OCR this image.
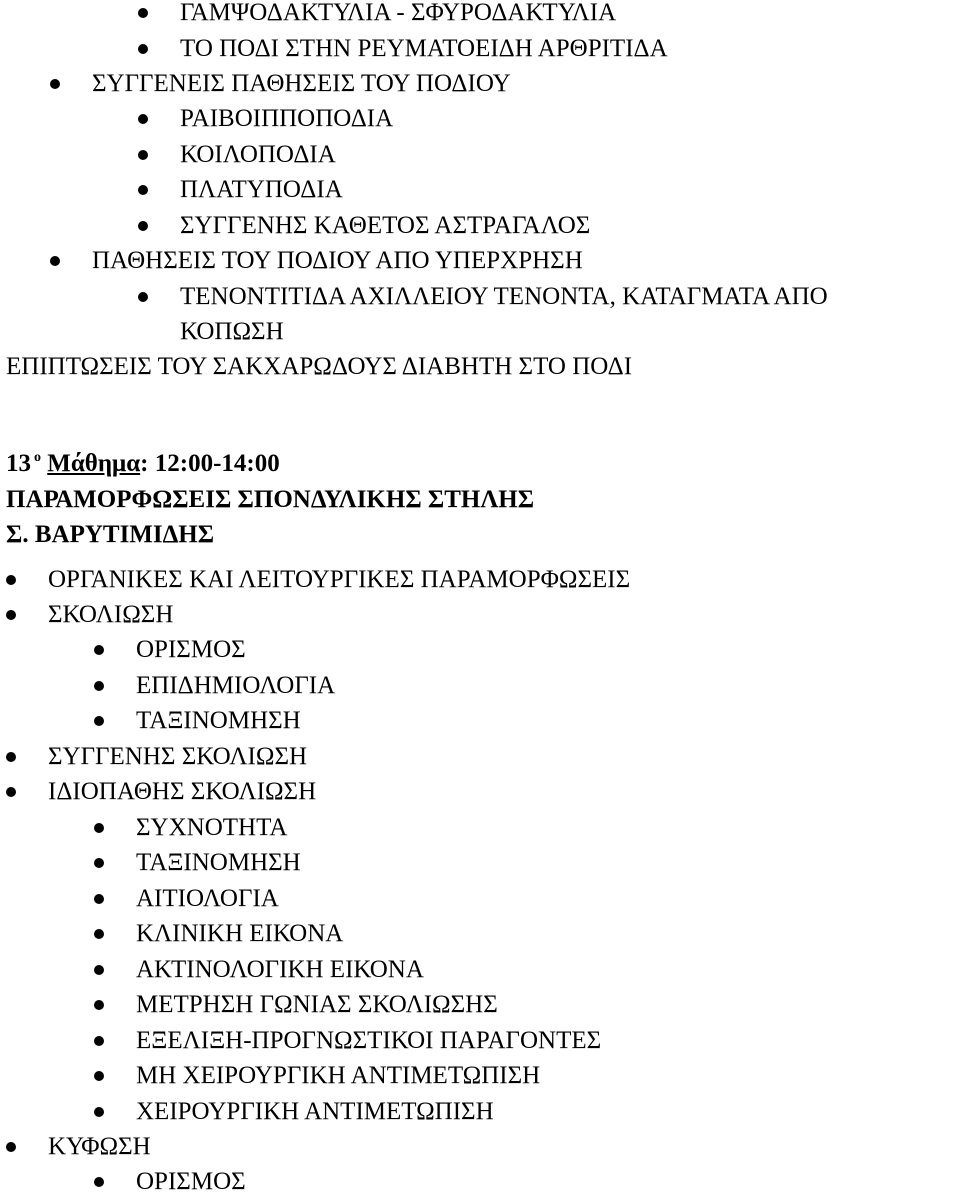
ΓΑΜΨΟΔΑΚΤΥΛΙΑ - ΣΦΥΡΟΔΑΚΤΥΛΙΑ
ΤΟ ΠΟΔΙ ΣΤΗΝ ΡΕΥΜΑΤΟΕΙΔΗ ΑΡΘΡΙΤΙΔΑ
ΣΥΓΓΕΝΕΙΣ ΠΑΘΗΣΕΙΣ ΤΟΥ ΠΟΔΙΟΥ
ΡΑΙΒΟΙΠΠΟΠΟΔΙΑ
ΚΟΙΛΟΠΟΔΙΑ
ΠΛΑΤΥΠΟΔΙΑ
ΣΥΓΓΕΝΗΣ ΚΑΘΕΤΟΣ ΑΣΤΡΑΓΑΛΟΣ
ΠΑΘΗΣΕΙΣ ΤΟΥ ΠΟΔΙΟΥ ΑΠΟ ΥΠΕΡΧΡΗΣΗ
ΤΕΝΟΝΤΙΤΙΔΑ ΑΧΙΛΛΕΙΟΥ ΤΕΝΟΝΤΑ, ΚΑΤΑΓΜΑΤΑ ΑΠΟ
ΚΟΠΩΣΗ
ΕΠΙΠΤΩΣΕΙΣ ΤΟΥ ΣΑΚΧΑΡΩΔΟΥΣ ΔΙΑΒΗΤΗ ΣΤΟ ΠΟΔΙ
13 $^o$ Μάθημα: 12:00-14:00
ΠΑΡΑΜΟΡΦΩΣΕΙΣ ΣΠΟΝΔΥΛΙΚΗΣ ΣΤΗΛΗΣ
Σ. ΒΑΡΥΤΙΜΙΔΗΣ
ΟΡΓΑΝΙΚΕΣ ΚΑΙ ΛΕΙΤΟΥΡΓΙΚΕΣ ΠΑΡΑΜΟΡΦΩΣΕΙΣ
ΣΚΟΛΙΩΣΗ
ΟΡΙΣΜΟΣ
ΕΠΙΔΗΜΙΟΛΟΓΙΑ
ΤΑΞΙΝΟΜΗΣΗ
ΣΥΓΓΕΝΗΣ ΣΚΟΛΙΩΣΗ
ΙΔΙΟΠΑΘΗΣ ΣΚΟΛΙΩΣΗ
ΣΥΧΝΟΤΗΤΑ
ΤΑΞΙΝΟΜΗΣΗ
ΑΙΤΙΟΛΟΓΙΑ
ΚΛΙΝΙΚΗ ΕΙΚΟΝΑ
ΑΚΤΙΝΟΛΟΓΙΚΗ ΕΙΚΟΝΑ
ΜΕΤΡΗΣΗ ΓΩΝΙΑΣ ΣΚΟΛΙΩΣΗΣ
ΕΞΕΛΙΞΗ-ΠΡΟΓΝΩΣΤΙΚΟΙ ΠΑΡΑΓΟΝΤΕΣ
ΜΗ ΧΕΙΡΟΥΡΓΙΚΗ ΑΝΤΙΜΕΤΩΠΙΣΗ
ΧΕΙΡΟΥΡΓΙΚΗ ΑΝΤΙΜΕΤΩΠΙΣΗ
ΚΥΦΩΣΗ
ΟΡΙΣΜΟΣ
